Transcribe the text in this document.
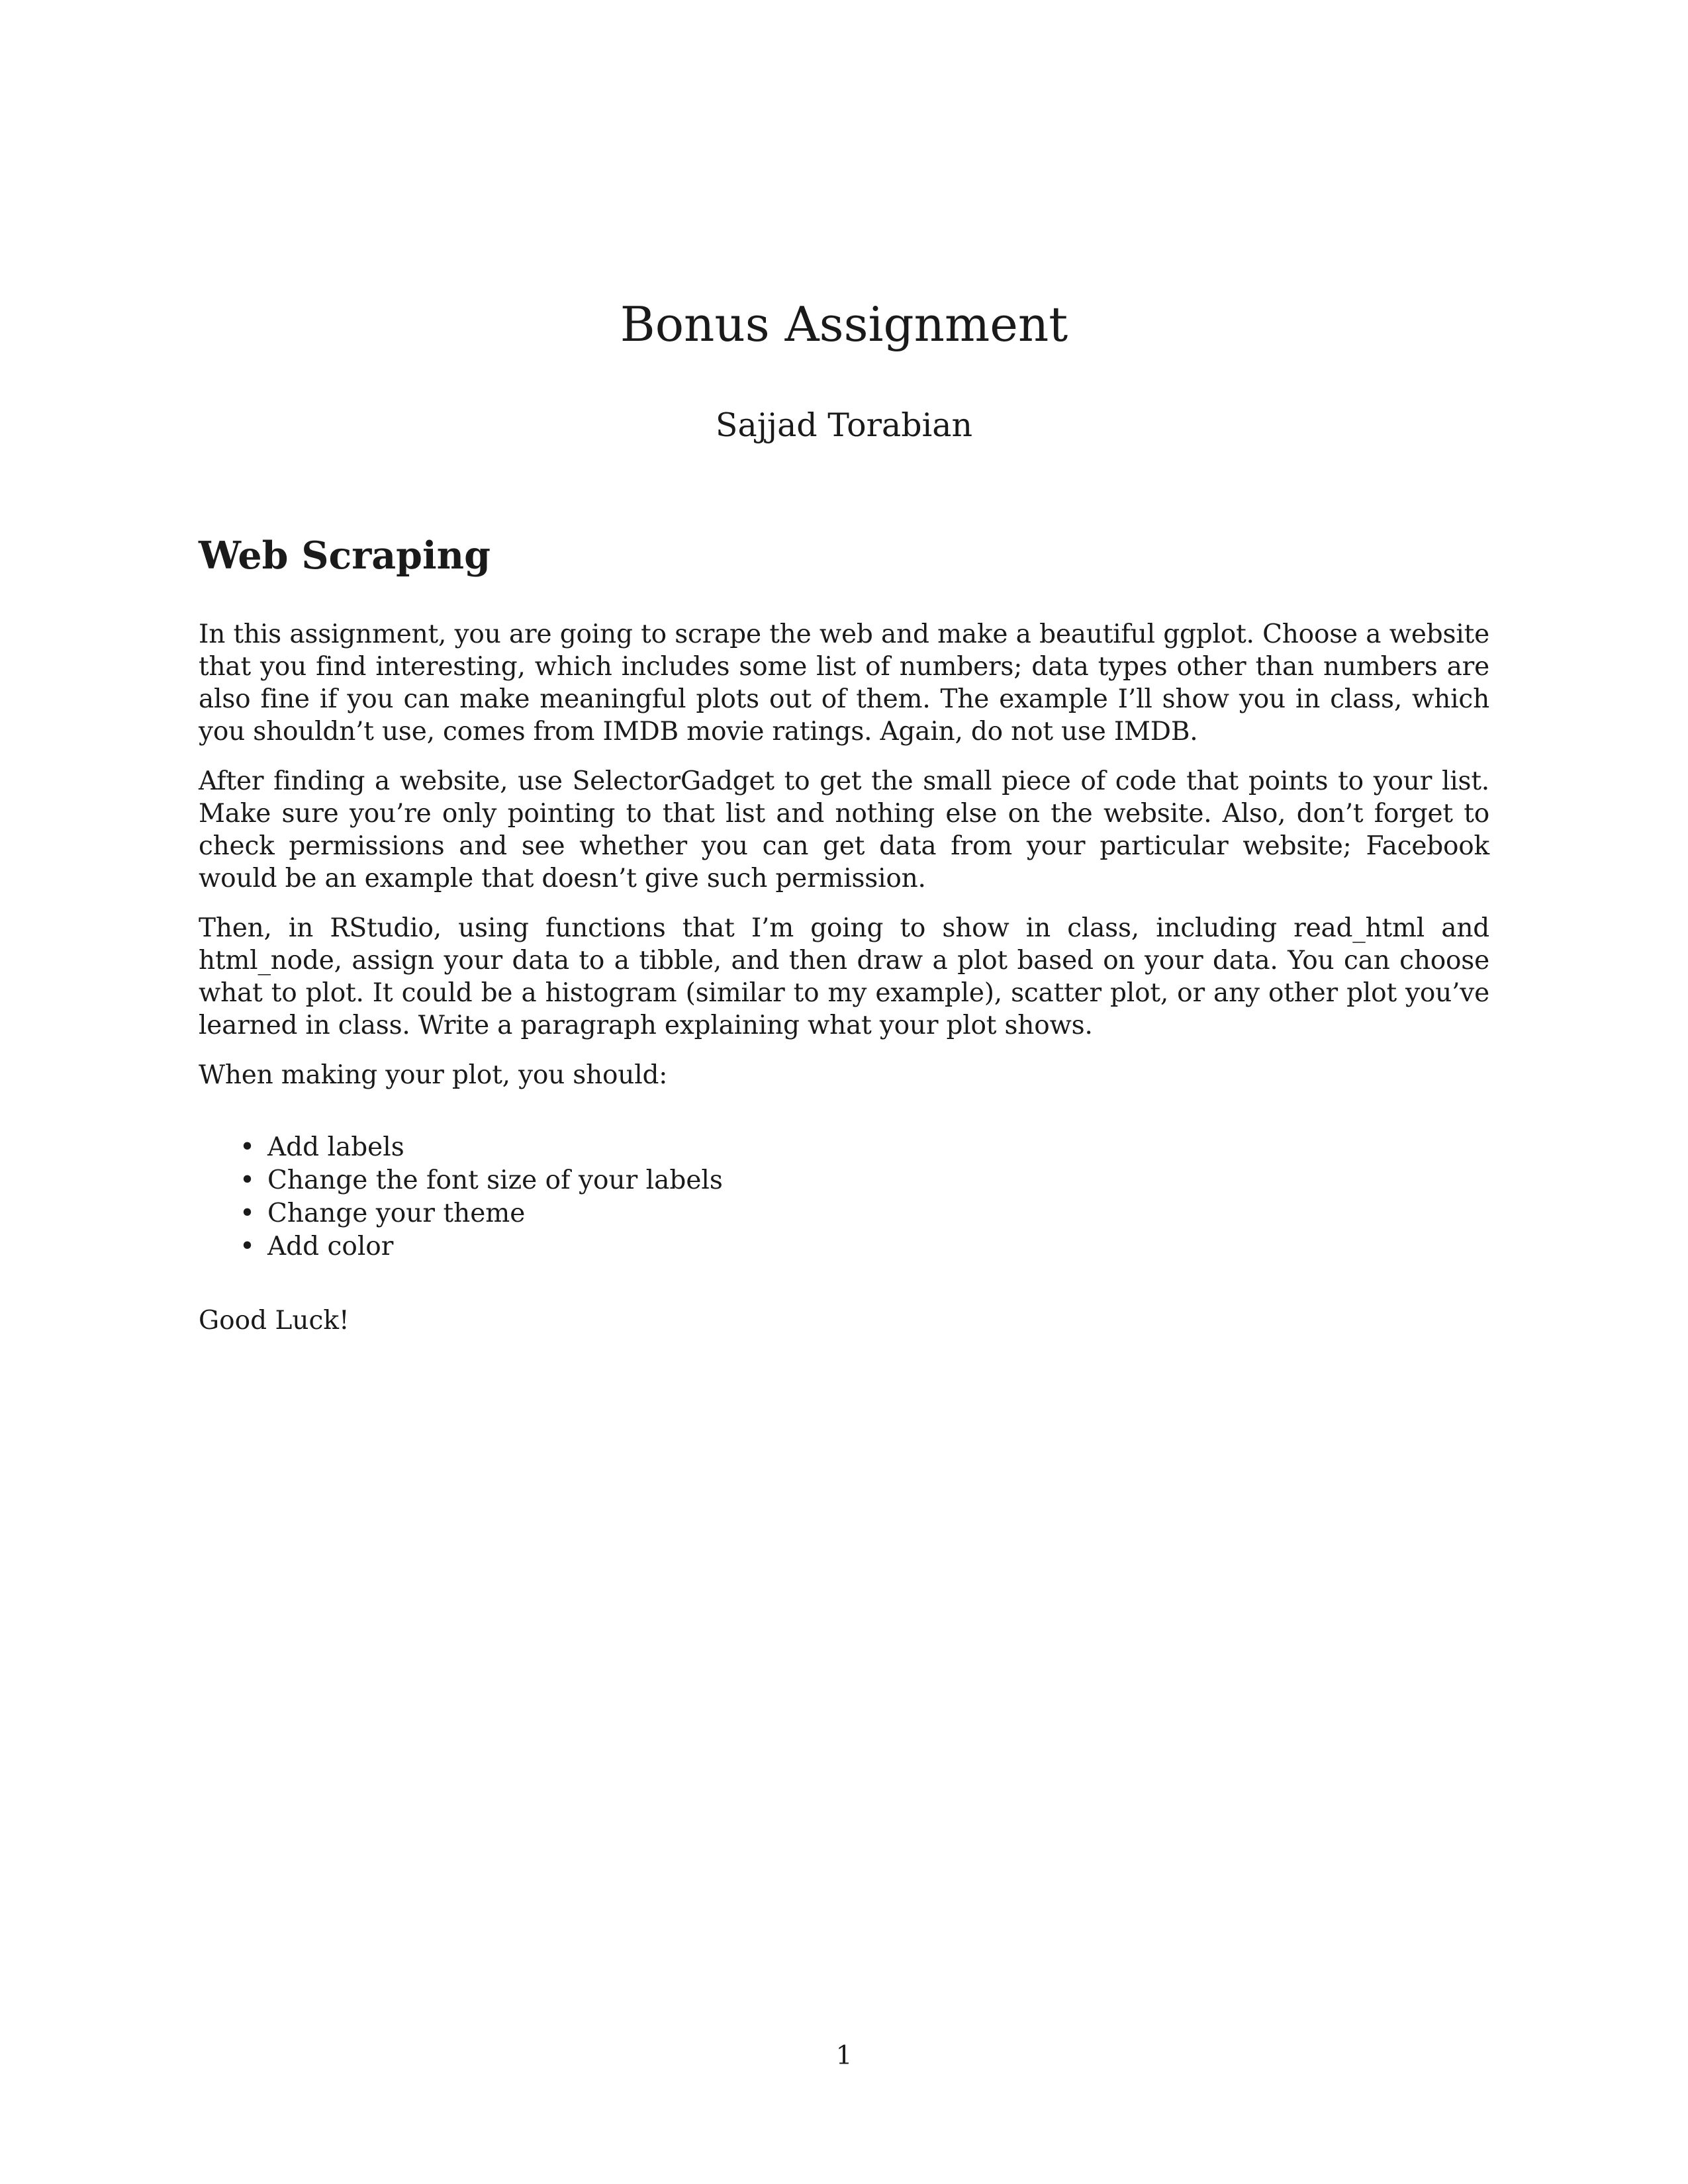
Bonus Assignment

Sajjad Torabian

Web Scraping

In this assignment, you are going to scrape the web and make a beautiful ggplot. Choose a website that you find interesting, which includes some list of numbers; data types other than numbers are also fine if you can make meaningful plots out of them. The example I’ll show you in class, which you shouldn’t use, comes from IMDB movie ratings. Again, do not use IMDB.

After finding a website, use SelectorGadget to get the small piece of code that points to your list. Make sure you’re only pointing to that list and nothing else on the website. Also, don’t forget to check permissions and see whether you can get data from your particular website; Facebook would be an example that doesn’t give such permission.

Then, in RStudio, using functions that I’m going to show in class, including read_html and html_node, assign your data to a tibble, and then draw a plot based on your data. You can choose what to plot. It could be a histogram (similar to my example), scatter plot, or any other plot you’ve learned in class. Write a paragraph explaining what your plot shows.

When making your plot, you should:

• Add labels
• Change the font size of your labels
• Change your theme
• Add color

Good Luck!

1
